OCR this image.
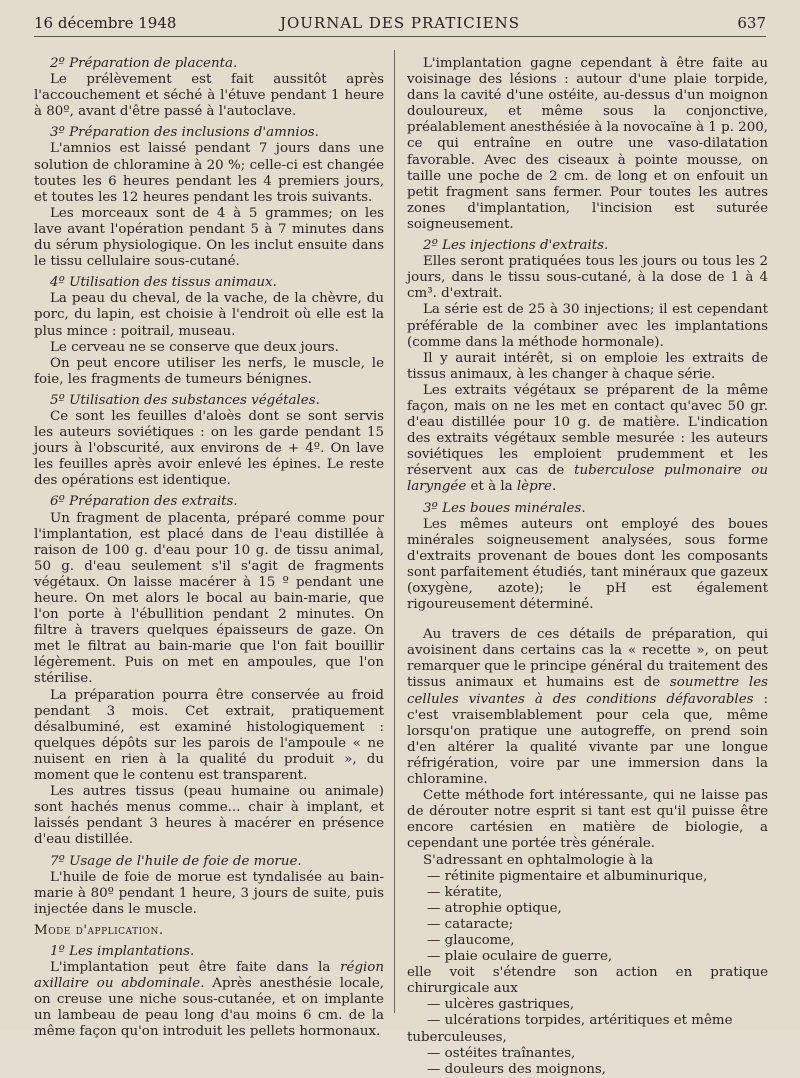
16 décembre 1948	JOURNAL DES PRATICIENS	637

2º Préparation de placenta.

Le prélèvement est fait aussitôt après l'accouchement et séché à l'étuve pendant 1 heure à 80º, avant d'être passé à l'autoclave.

3º Préparation des inclusions d'amnios.

L'amnios est laissé pendant 7 jours dans une solution de chloramine à 20 %; celle-ci est changée toutes les 6 heures pendant les 4 premiers jours, et toutes les 12 heures pendant les trois suivants.

Les morceaux sont de 4 à 5 grammes; on les lave avant l'opération pendant 5 à 7 minutes dans du sérum physiologique. On les inclut ensuite dans le tissu cellulaire sous-cutané.

4º Utilisation des tissus animaux.

La peau du cheval, de la vache, de la chèvre, du porc, du lapin, est choisie à l'endroit où elle est la plus mince : poitrail, museau.

Le cerveau ne se conserve que deux jours.

On peut encore utiliser les nerfs, le muscle, le foie, les fragments de tumeurs bénignes.

5º Utilisation des substances végétales.

Ce sont les feuilles d'aloès dont se sont servis les auteurs soviétiques : on les garde pendant 15 jours à l'obscurité, aux environs de + 4º. On lave les feuilles après avoir enlevé les épines. Le reste des opérations est identique.

6º Préparation des extraits.

Un fragment de placenta, préparé comme pour l'implantation, est placé dans de l'eau distillée à raison de 100 g. d'eau pour 10 g. de tissu animal, 50 g. d'eau seulement s'il s'agit de fragments végétaux. On laisse macérer à 15 º pendant une heure. On met alors le bocal au bain-marie, que l'on porte à l'ébullition pendant 2 minutes. On filtre à travers quelques épaisseurs de gaze. On met le filtrat au bain-marie que l'on fait bouillir légèrement. Puis on met en ampoules, que l'on stérilise.

La préparation pourra être conservée au froid pendant 3 mois. Cet extrait, pratiquement désalbuminé, est examiné histologiquement : quelques dépôts sur les parois de l'ampoule « ne nuisent en rien à la qualité du produit », du moment que le contenu est transparent.

Les autres tissus (peau humaine ou animale) sont hachés menus comme... chair à implant, et laissés pendant 3 heures à macérer en présence d'eau distillée.

7º Usage de l'huile de foie de morue.

L'huile de foie de morue est tyndalisée au bain-marie à 80º pendant 1 heure, 3 jours de suite, puis injectée dans le muscle.

Mode d'application.

1º Les implantations.

L'implantation peut être faite dans la région axillaire ou abdominale. Après anesthésie locale, on creuse une niche sous-cutanée, et on implante un lambeau de peau long d'au moins 6 cm. de la même façon qu'on introduit les pellets hormonaux.

L'implantation gagne cependant à être faite au voisinage des lésions : autour d'une plaie torpide, dans la cavité d'une ostéite, au-dessus d'un moignon douloureux, et même sous la conjonctive, préalablement anesthésiée à la novocaïne à 1 p. 200, ce qui entraîne en outre une vaso-dilatation favorable. Avec des ciseaux à pointe mousse, on taille une poche de 2 cm. de long et on enfouit un petit fragment sans fermer. Pour toutes les autres zones d'implantation, l'incision est suturée soigneusement.

2º Les injections d'extraits.

Elles seront pratiquées tous les jours ou tous les 2 jours, dans le tissu sous-cutané, à la dose de 1 à 4 cm³. d'extrait.

La série est de 25 à 30 injections; il est cependant préférable de la combiner avec les implantations (comme dans la méthode hormonale).

Il y aurait intérêt, si on emploie les extraits de tissus animaux, à les changer à chaque série.

Les extraits végétaux se préparent de la même façon, mais on ne les met en contact qu'avec 50 gr. d'eau distillée pour 10 g. de matière. L'indication des extraits végétaux semble mesurée : les auteurs soviétiques les emploient prudemment et les réservent aux cas de tuberculose pulmonaire ou laryngée et à la lèpre.

3º Les boues minérales.

Les mêmes auteurs ont employé des boues minérales soigneusement analysées, sous forme d'extraits provenant de boues dont les composants sont parfaitement étudiés, tant minéraux que gazeux (oxygène, azote); le pH est également rigoureusement déterminé.

Au travers de ces détails de préparation, qui avoisinent dans certains cas la « recette », on peut remarquer que le principe général du traitement des tissus animaux et humains est de soumettre les cellules vivantes à des conditions défavorables : c'est vraisemblablement pour cela que, même lorsqu'on pratique une autogreffe, on prend soin d'en altérer la qualité vivante par une longue réfrigération, voire par une immersion dans la chloramine.

Cette méthode fort intéressante, qui ne laisse pas de dérouter notre esprit si tant est qu'il puisse être encore cartésien en matière de biologie, a cependant une portée très générale.

S'adressant en ophtalmologie à la

— rétinite pigmentaire et albuminurique,

— kératite,

— atrophie optique,

— cataracte;

— glaucome,

— plaie oculaire de guerre,

elle voit s'étendre son action en pratique chirurgicale aux

— ulcères gastriques,

— ulcérations torpides, artéritiques et même tuberculeuses,

— ostéites traînantes,

— douleurs des moignons,
